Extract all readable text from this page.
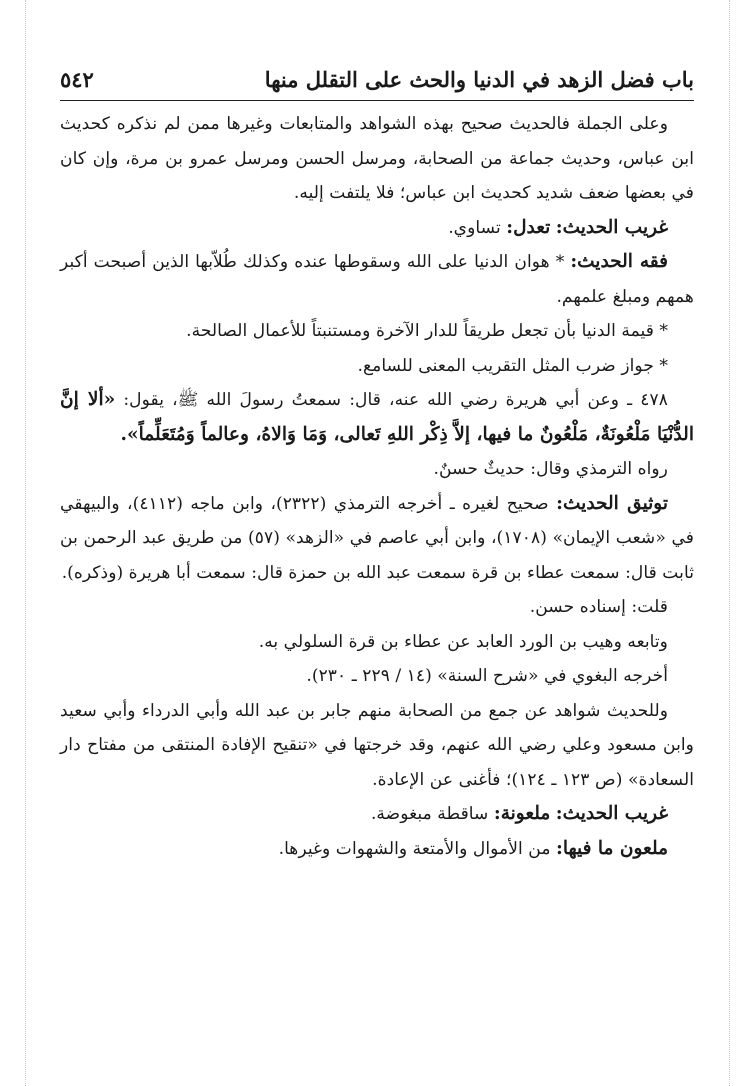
باب فضل الزهد في الدنيا والحث على التقلل منها
٥٤٢

وعلى الجملة فالحديث صحيح بهذه الشواهد والمتابعات وغيرها ممن لم نذكره كحديث ابن عباس، وحديث جماعة من الصحابة، ومرسل الحسن ومرسل عمرو بن مرة، وإن كان في بعضها ضعف شديد كحديث ابن عباس؛ فلا يلتفت إليه.

غريب الحديث: تعدل: تساوي.

فقه الحديث: * هوان الدنيا على الله وسقوطها عنده وكذلك طُلاّبها الذين أصبحت أكبر همهم ومبلغ علمهم.

* قيمة الدنيا بأن تجعل طريقاً للدار الآخرة ومستنبتاً للأعمال الصالحة.

* جواز ضرب المثل التقريب المعنى للسامع.

٤٧٨ ـ وعن أبي هريرة رضي الله عنه، قال: سمعتُ رسولَ الله ﷺ، يقول: «ألا إنَّ الدُّنْيَا مَلْعُونَةٌ، مَلْعُونٌ ما فيها، إلاَّ ذِكْر اللهِ تَعالى، وَمَا وَالاهُ، وعالماً وَمُتَعَلِّماً».

رواه الترمذي وقال: حديثٌ حسنٌ.

توثيق الحديث: صحيح لغيره ـ أخرجه الترمذي (٢٣٢٢)، وابن ماجه (٤١١٢)، والبيهقي في «شعب الإيمان» (١٧٠٨)، وابن أبي عاصم في «الزهد» (٥٧) من طريق عبد الرحمن بن ثابت قال: سمعت عطاء بن قرة سمعت عبد الله بن حمزة قال: سمعت أبا هريرة (وذكره).

قلت: إسناده حسن.

وتابعه وهيب بن الورد العابد عن عطاء بن قرة السلولي به.

أخرجه البغوي في «شرح السنة» (١٤ / ٢٢٩ ـ ٢٣٠).

وللحديث شواهد عن جمع من الصحابة منهم جابر بن عبد الله وأبي الدرداء وأبي سعيد وابن مسعود وعلي رضي الله عنهم، وقد خرجتها في «تنقيح الإفادة المنتقى من مفتاح دار السعادة» (ص ١٢٣ ـ ١٢٤)؛ فأغنى عن الإعادة.

غريب الحديث: ملعونة: ساقطة مبغوضة.

ملعون ما فيها: من الأموال والأمتعة والشهوات وغيرها.
